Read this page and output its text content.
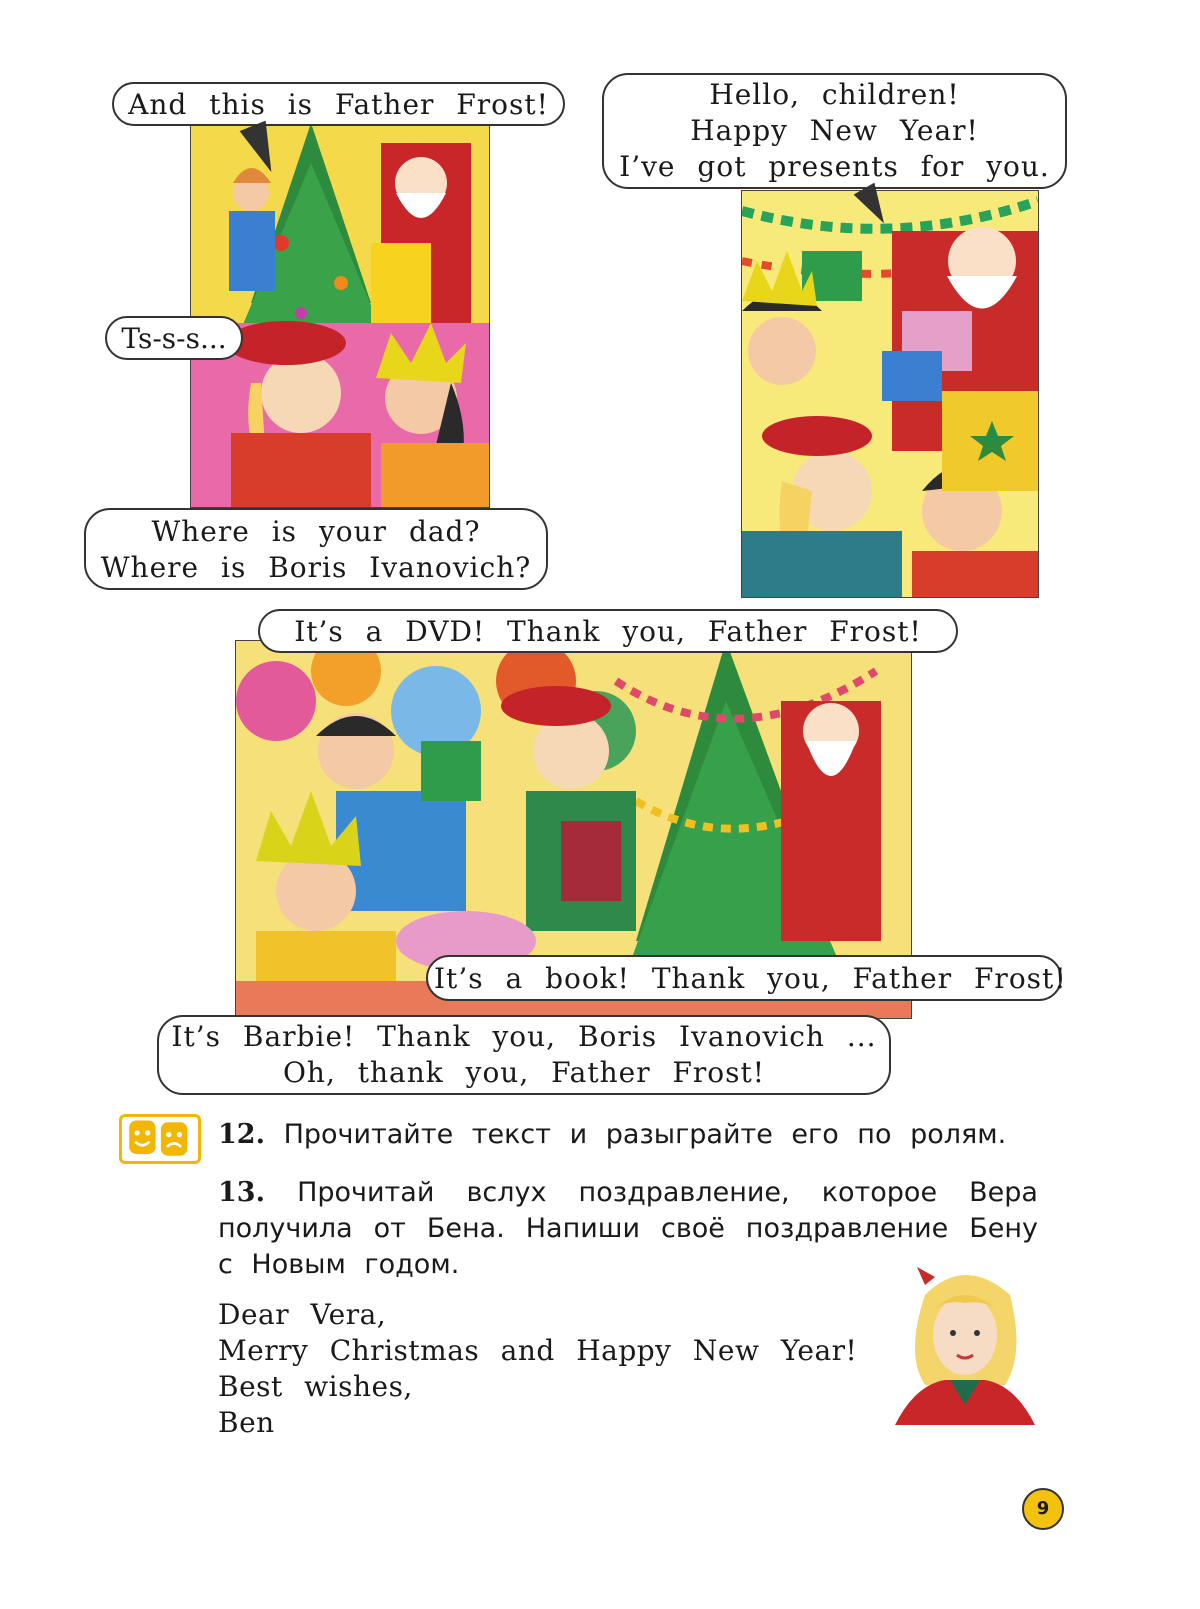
And this is Father Frost!	Hello, children!
Happy New Year!
I’ve got presents for you.
Ts-s-s...
Where is your dad?
Where is Boris Ivanovich?
It’s a DVD! Thank you, Father Frost!
It’s a book! Thank you, Father Frost!
It’s Barbie! Thank you, Boris Ivanovich ...
Oh, thank you, Father Frost!
12. Прочитайте текст и разыграйте его по ролям.
13. Прочитай вслух поздравление, которое Вера получила от Бена. Напиши своё поздравление Бену с Новым годом.
Dear Vera,
Merry Christmas and Happy New Year!
Best wishes,
Ben
9
